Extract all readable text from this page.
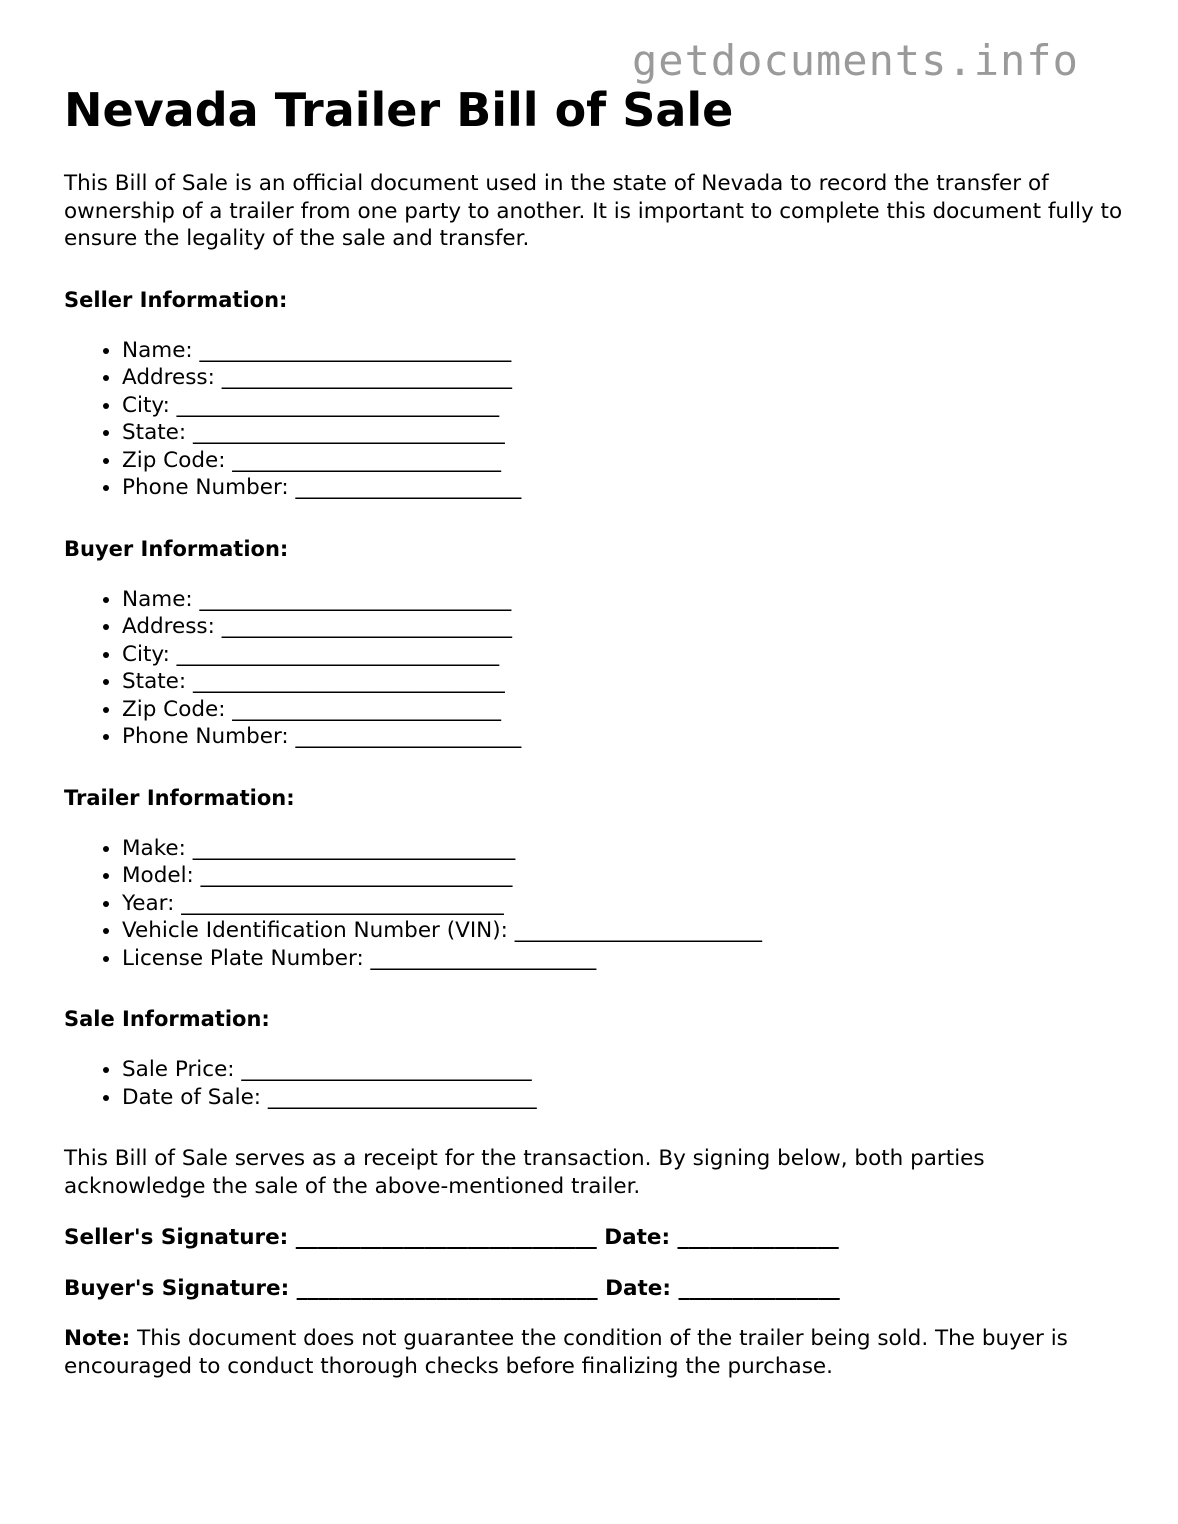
getdocuments.info
Nevada Trailer Bill of Sale

This Bill of Sale is an official document used in the state of Nevada to record the transfer of ownership of a trailer from one party to another. It is important to complete this document fully to ensure the legality of the sale and transfer.

Seller Information:
• Name: _____________________________
• Address: ___________________________
• City: ______________________________
• State: _____________________________
• Zip Code: _________________________
• Phone Number: _____________________
Buyer Information:
• Name: _____________________________
• Address: ___________________________
• City: ______________________________
• State: _____________________________
• Zip Code: _________________________
• Phone Number: _____________________
Trailer Information:
• Make: ______________________________
• Model: _____________________________
• Year: ______________________________
• Vehicle Identification Number (VIN): _______________________
• License Plate Number: _____________________
Sale Information:
• Sale Price: ___________________________
• Date of Sale: _________________________

This Bill of Sale serves as a receipt for the transaction. By signing below, both parties acknowledge the sale of the above-mentioned trailer.

Seller's Signature: ____________________________ Date: _______________
Buyer's Signature: ____________________________ Date: _______________

Note: This document does not guarantee the condition of the trailer being sold. The buyer is encouraged to conduct thorough checks before finalizing the purchase.
